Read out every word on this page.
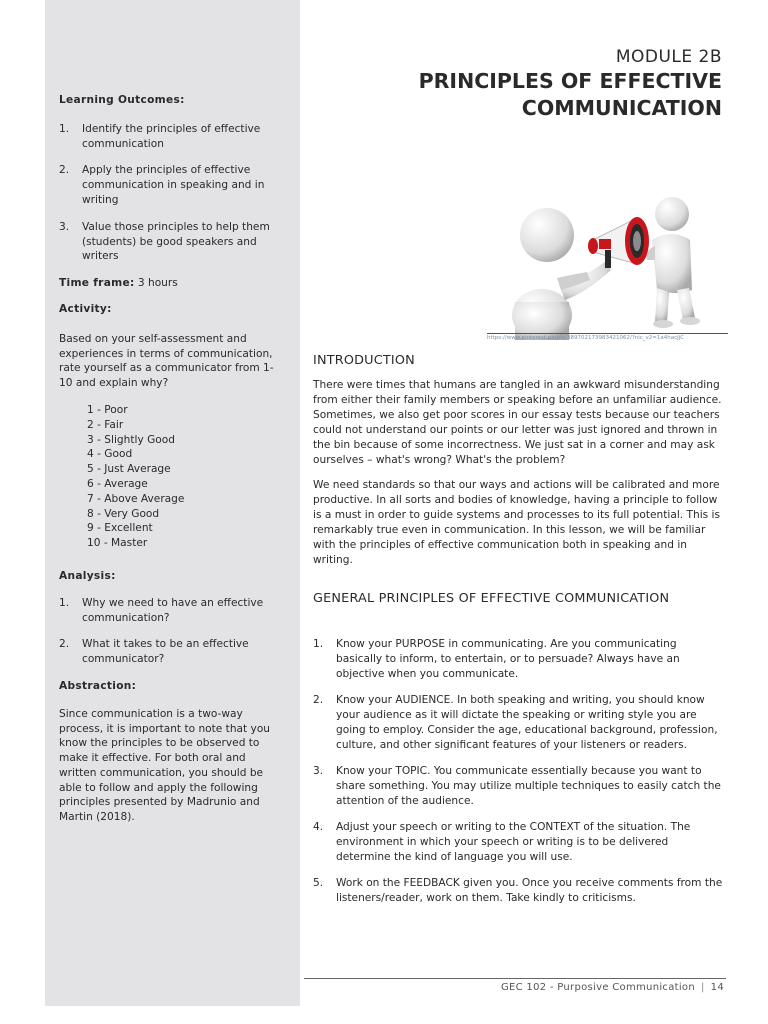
Learning Outcomes:
1. Identify the principles of effective communication
2. Apply the principles of effective communication in speaking and in writing
3. Value those principles to help them (students) be good speakers and writers
Time frame: 3 hours
Activity:
Based on your self-assessment and experiences in terms of communication, rate yourself as a communicator from 1-10 and explain why?
1 - Poor
2 - Fair
3 - Slightly Good
4 - Good
5 - Just Average
6 - Average
7 - Above Average
8 - Very Good
9 - Excellent
10 - Master
Analysis:
1. Why we need to have an effective communication?
2. What it takes to be an effective communicator?
Abstraction:
Since communication is a two-way process, it is important to note that you know the principles to be observed to make it effective. For both oral and written communication, you should be able to follow and apply the following principles presented by Madrunio and Martin (2018).
MODULE 2B
PRINCIPLES OF EFFECTIVE
COMMUNICATION
https://www.pinterest.ph/pin/389702173983421062/?nic_v2=1a4hacJjC
INTRODUCTION

There were times that humans are tangled in an awkward misunderstanding from either their family members or speaking before an unfamiliar audience. Sometimes, we also get poor scores in our essay tests because our teachers could not understand our points or our letter was just ignored and thrown in the bin because of some incorrectness. We just sat in a corner and may ask ourselves – what's wrong? What's the problem?

We need standards so that our ways and actions will be calibrated and more productive. In all sorts and bodies of knowledge, having a principle to follow is a must in order to guide systems and processes to its full potential. This is remarkably true even in communication. In this lesson, we will be familiar with the principles of effective communication both in speaking and in writing.

GENERAL PRINCIPLES OF EFFECTIVE COMMUNICATION
1. Know your PURPOSE in communicating. Are you communicating basically to inform, to entertain, or to persuade? Always have an objective when you communicate.
2. Know your AUDIENCE. In both speaking and writing, you should know your audience as it will dictate the speaking or writing style you are going to employ. Consider the age, educational background, profession, culture, and other significant features of your listeners or readers.
3. Know your TOPIC. You communicate essentially because you want to share something. You may utilize multiple techniques to easily catch the attention of the audience.
4. Adjust your speech or writing to the CONTEXT of the situation. The environment in which your speech or writing is to be delivered determine the kind of language you will use.
5. Work on the FEEDBACK given you. Once you receive comments from the listeners/reader, work on them. Take kindly to criticisms.
GEC 102 - Purposive Communication | 14
